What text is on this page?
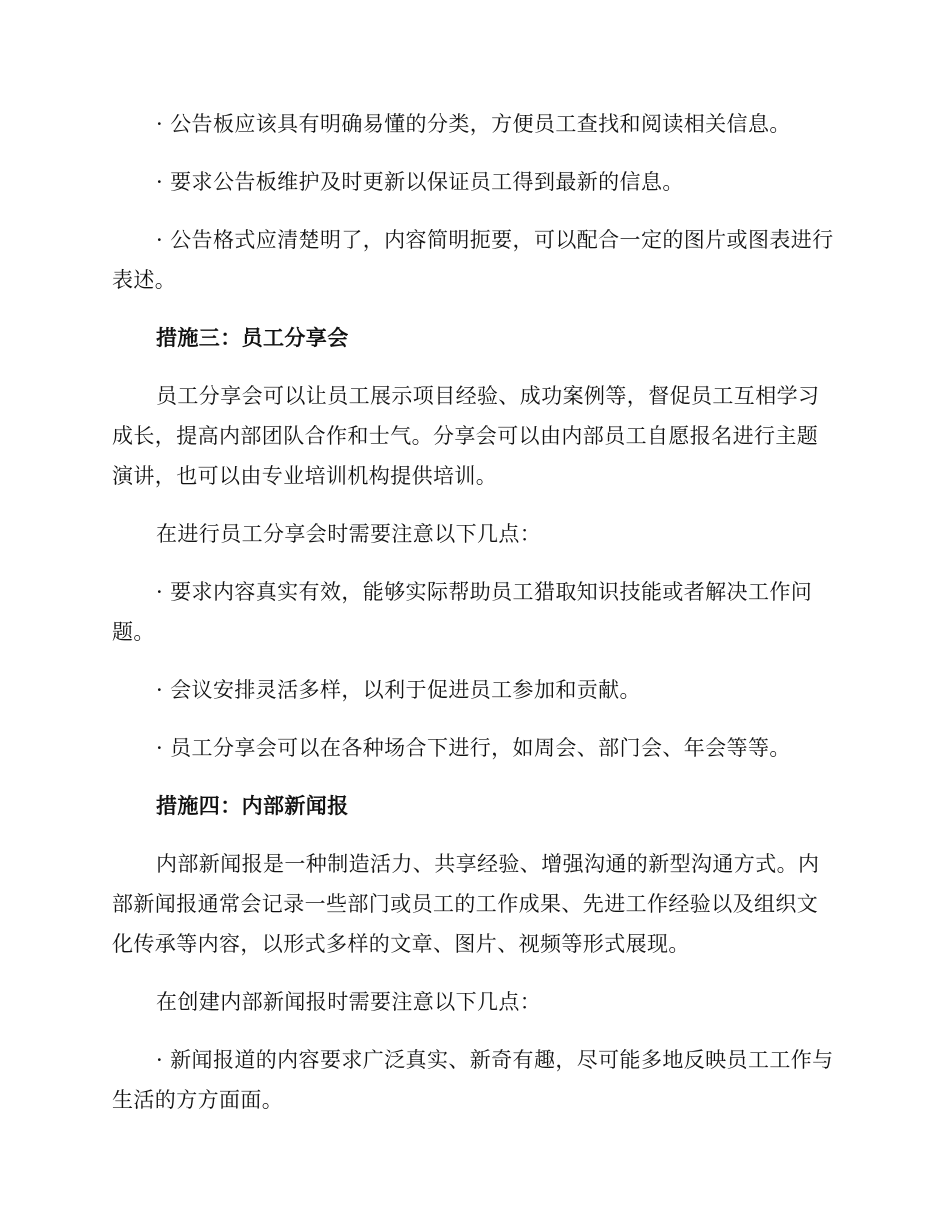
· 公告板应该具有明确易懂的分类，方便员工查找和阅读相关信息。

· 要求公告板维护及时更新以保证员工得到最新的信息。

· 公告格式应清楚明了，内容简明扼要，可以配合一定的图片或图表进行表述。

措施三：员工分享会

员工分享会可以让员工展示项目经验、成功案例等，督促员工互相学习成长，提高内部团队合作和士气。分享会可以由内部员工自愿报名进行主题演讲，也可以由专业培训机构提供培训。

在进行员工分享会时需要注意以下几点：

· 要求内容真实有效，能够实际帮助员工猎取知识技能或者解决工作问题。

· 会议安排灵活多样，以利于促进员工参加和贡献。

· 员工分享会可以在各种场合下进行，如周会、部门会、年会等等。

措施四：内部新闻报

内部新闻报是一种制造活力、共享经验、增强沟通的新型沟通方式。内部新闻报通常会记录一些部门或员工的工作成果、先进工作经验以及组织文化传承等内容，以形式多样的文章、图片、视频等形式展现。

在创建内部新闻报时需要注意以下几点：

· 新闻报道的内容要求广泛真实、新奇有趣，尽可能多地反映员工工作与生活的方方面面。
